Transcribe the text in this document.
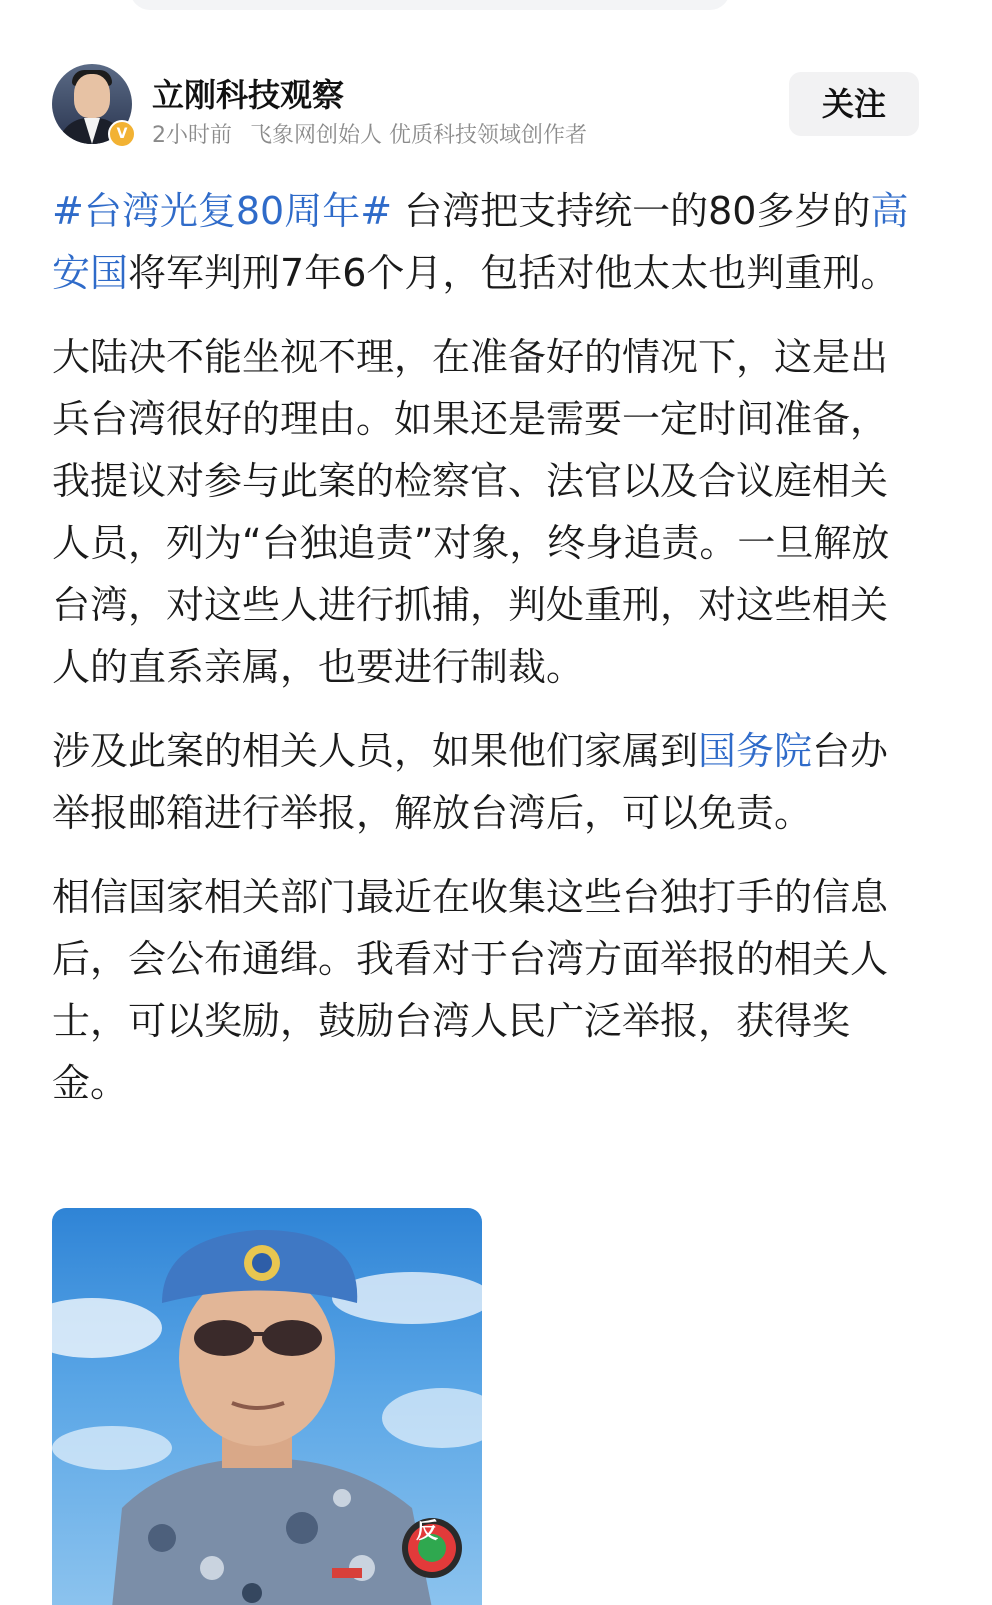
V
立刚科技观察
2小时前 飞象网创始人 优质科技领域创作者
关注

#台湾光复80周年# 台湾把支持统一的80多岁的高安国将军判刑7年6个月，包括对他太太也判重刑。

大陆决不能坐视不理，在准备好的情况下，这是出兵台湾很好的理由。如果还是需要一定时间准备，我提议对参与此案的检察官、法官以及合议庭相关人员，列为“台独追责”对象，终身追责。一旦解放台湾，对这些人进行抓捕，判处重刑，对这些相关人的直系亲属，也要进行制裁。

涉及此案的相关人员，如果他们家属到国务院台办举报邮箱进行举报，解放台湾后，可以免责。

相信国家相关部门最近在收集这些台独打手的信息后，会公布通缉。我看对于台湾方面举报的相关人士，可以奖励，鼓励台湾人民广泛举报，获得奖金。

反
